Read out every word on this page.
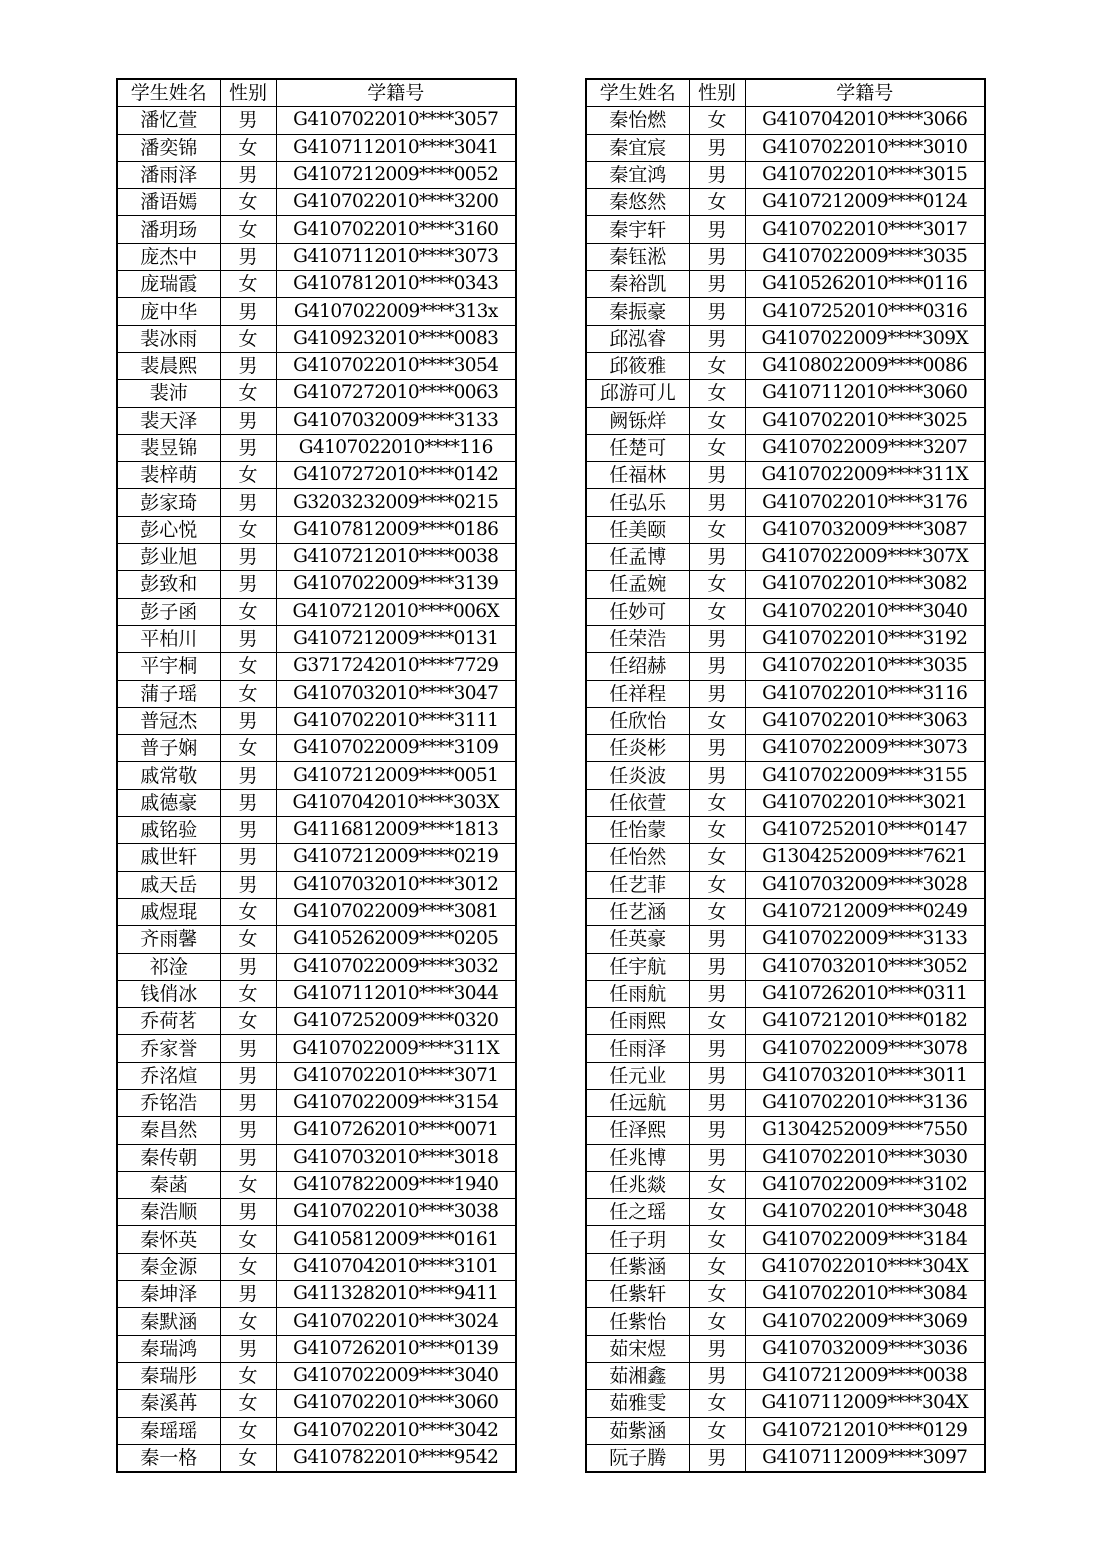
学生姓名	性别	学籍号
潘忆萱	男	G4107022010****3057
潘奕锦	女	G4107112010****3041
潘雨泽	男	G4107212009****0052
潘语嫣	女	G4107022010****3200
潘玥玚	女	G4107022010****3160
庞杰中	男	G4107112010****3073
庞瑞霞	女	G4107812010****0343
庞中华	男	G4107022009****313x
裴冰雨	女	G4109232010****0083
裴晨熙	男	G4107022010****3054
裴沛	女	G4107272010****0063
裴天泽	男	G4107032009****3133
裴昱锦	男	G4107022010****116
裴梓萌	女	G4107272010****0142
彭家琦	男	G3203232009****0215
彭心悦	女	G4107812009****0186
彭业旭	男	G4107212010****0038
彭致和	男	G4107022009****3139
彭子函	女	G4107212010****006X
平柏川	男	G4107212009****0131
平宇桐	女	G3717242010****7729
蒲子瑶	女	G4107032010****3047
普冠杰	男	G4107022010****3111
普子娴	女	G4107022009****3109
戚常敬	男	G4107212009****0051
戚德豪	男	G4107042010****303X
戚铭验	男	G4116812009****1813
戚世轩	男	G4107212009****0219
戚天岳	男	G4107032010****3012
戚煜琨	女	G4107022009****3081
齐雨馨	女	G4105262009****0205
祁淦	男	G4107022009****3032
钱俏冰	女	G4107112010****3044
乔荷茗	女	G4107252009****0320
乔家誉	男	G4107022009****311X
乔洺煊	男	G4107022010****3071
乔铭浩	男	G4107022009****3154
秦昌然	男	G4107262010****0071
秦传朝	男	G4107032010****3018
秦菡	女	G4107822009****1940
秦浩顺	男	G4107022010****3038
秦怀英	女	G4105812009****0161
秦金源	女	G4107042010****3101
秦坤泽	男	G4113282010****9411
秦默涵	女	G4107022010****3024
秦瑞鸿	男	G4107262010****0139
秦瑞彤	女	G4107022009****3040
秦溪苒	女	G4107022010****3060
秦瑶瑶	女	G4107022010****3042
秦一格	女	G4107822010****9542
学生姓名	性别	学籍号
秦怡燃	女	G4107042010****3066
秦宜宸	男	G4107022010****3010
秦宜鸿	男	G4107022010****3015
秦悠然	女	G4107212009****0124
秦宇轩	男	G4107022010****3017
秦钰淞	男	G4107022009****3035
秦裕凯	男	G4105262010****0116
秦振豪	男	G4107252010****0316
邱泓睿	男	G4107022009****309X
邱筱雅	女	G4108022009****0086
邱游可儿	女	G4107112010****3060
阙铄烊	女	G4107022010****3025
任楚可	女	G4107022009****3207
任福林	男	G4107022009****311X
任弘乐	男	G4107022010****3176
任美颐	女	G4107032009****3087
任孟博	男	G4107022009****307X
任孟婉	女	G4107022010****3082
任妙可	女	G4107022010****3040
任荣浩	男	G4107022010****3192
任绍赫	男	G4107022010****3035
任祥程	男	G4107022010****3116
任欣怡	女	G4107022010****3063
任炎彬	男	G4107022009****3073
任炎波	男	G4107022009****3155
任依萱	女	G4107022010****3021
任怡蒙	女	G4107252010****0147
任怡然	女	G1304252009****7621
任艺菲	女	G4107032009****3028
任艺涵	女	G4107212009****0249
任英豪	男	G4107022009****3133
任宇航	男	G4107032010****3052
任雨航	男	G4107262010****0311
任雨熙	女	G4107212010****0182
任雨泽	男	G4107022009****3078
任元业	男	G4107032010****3011
任远航	男	G4107022010****3136
任泽熙	男	G1304252009****7550
任兆博	男	G4107022010****3030
任兆燚	女	G4107022009****3102
任之瑶	女	G4107022010****3048
任子玥	女	G4107022009****3184
任紫涵	女	G4107022010****304X
任紫轩	女	G4107022010****3084
任紫怡	女	G4107022009****3069
茹宋煜	男	G4107032009****3036
茹湘鑫	男	G4107212009****0038
茹雅雯	女	G4107112009****304X
茹紫涵	女	G4107212010****0129
阮子腾	男	G4107112009****3097
